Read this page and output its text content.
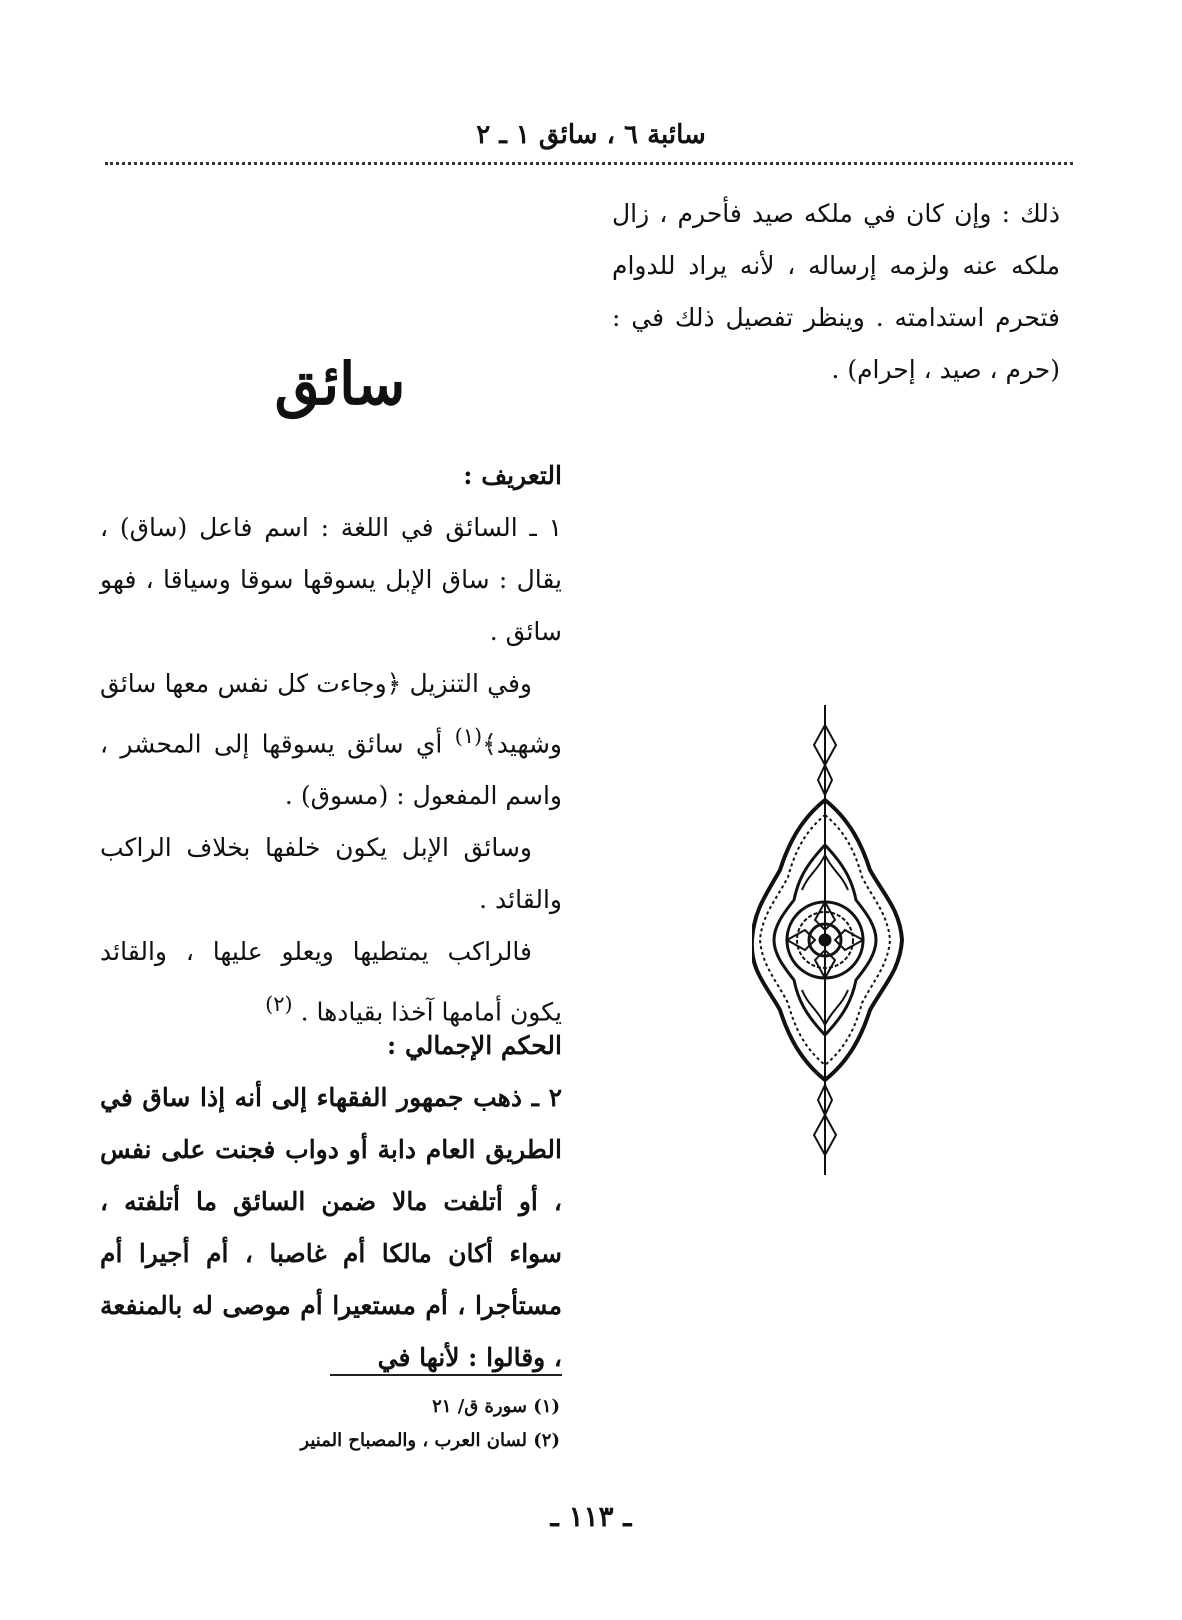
سائبة ٦ ، سائق ١ ـ ٢

ذلك : وإن كان في ملكه صيد فأحرم ، زال ملكه عنه ولزمه إرساله ، لأنه يراد للدوام فتحرم استدامته . وينظر تفصيل ذلك في : (حرم ، صيد ، إحرام) .

سائق

التعريف :

١ ـ السائق في اللغة : اسم فاعل (ساق) ، يقال : ساق الإبل يسوقها سوقا وسياقا ، فهو سائق .

وفي التنزيل ﴿وجاءت كل نفس معها سائق وشهيد﴾$^{(١)}$ أي سائق يسوقها إلى المحشر ، واسم المفعول : (مسوق) .

وسائق الإبل يكون خلفها بخلاف الراكب والقائد .

فالراكب يمتطيها ويعلو عليها ، والقائد يكون أمامها آخذا بقيادها . $^{(٢)}$

الحكم الإجمالي :

٢ ـ ذهب جمهور الفقهاء إلى أنه إذا ساق في الطريق العام دابة أو دواب فجنت على نفس ، أو أتلفت مالا ضمن السائق ما أتلفته ، سواء أكان مالكا أم غاصبا ، أم أجيرا أم مستأجرا ، أم مستعيرا أم موصى له بالمنفعة ، وقالوا : لأنها في

(١) سورة ق/ ٢١

(٢) لسان العرب ، والمصباح المنير

ـ ١١٣ ـ
